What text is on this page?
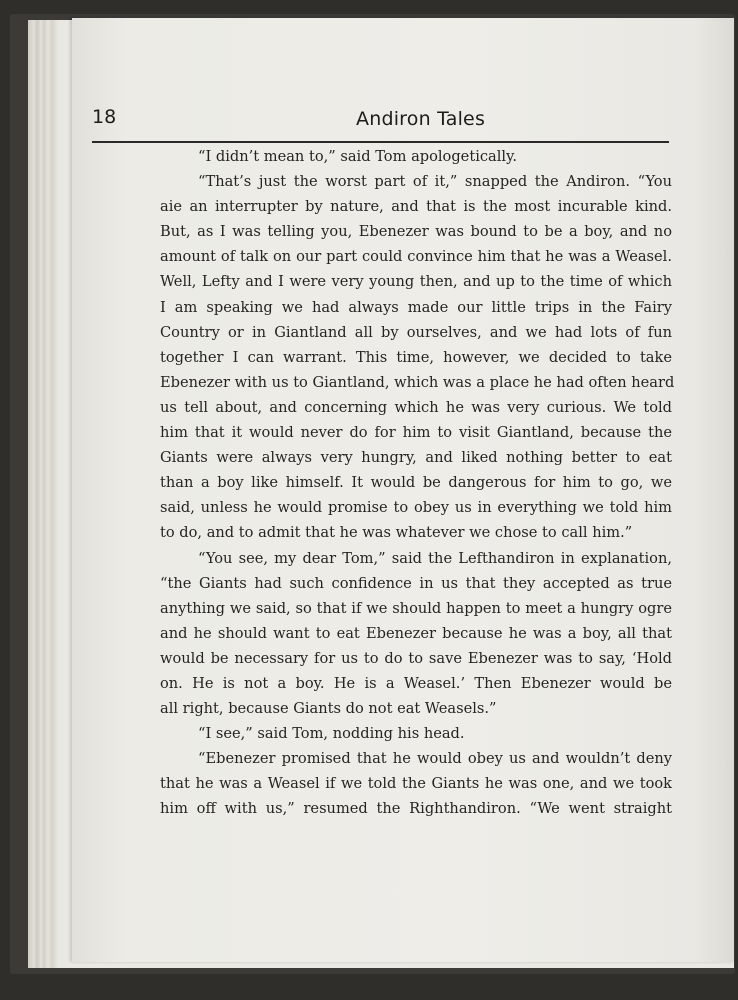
18	Andiron Tales
“I didn’t mean to,” said Tom apologetically.
“That’s just the worst part of it,” snapped the Andiron. “You
aie an interrupter by nature, and that is the most incurable kind.
But, as I was telling you, Ebenezer was bound to be a boy, and no
amount of talk on our part could convince him that he was a Weasel.
Well, Lefty and I were very young then, and up to the time of which
I am speaking we had always made our little trips in the Fairy
Country or in Giantland all by ourselves, and we had lots of fun
together I can warrant. This time, however, we decided to take
Ebenezer with us to Giantland, which was a place he had often heard
us tell about, and concerning which he was very curious. We told
him that it would never do for him to visit Giantland, because the
Giants were always very hungry, and liked nothing better to eat
than a boy like himself. It would be dangerous for him to go, we
said, unless he would promise to obey us in everything we told him
to do, and to admit that he was whatever we chose to call him.”
“You see, my dear Tom,” said the Lefthandiron in explanation,
“the Giants had such confidence in us that they accepted as true
anything we said, so that if we should happen to meet a hungry ogre
and he should want to eat Ebenezer because he was a boy, all that
would be necessary for us to do to save Ebenezer was to say, ‘Hold
on. He is not a boy. He is a Weasel.’ Then Ebenezer would be
all right, because Giants do not eat Weasels.”
“I see,” said Tom, nodding his head.
“Ebenezer promised that he would obey us and wouldn’t deny
that he was a Weasel if we told the Giants he was one, and we took
him off with us,” resumed the Righthandiron. “We went straight
